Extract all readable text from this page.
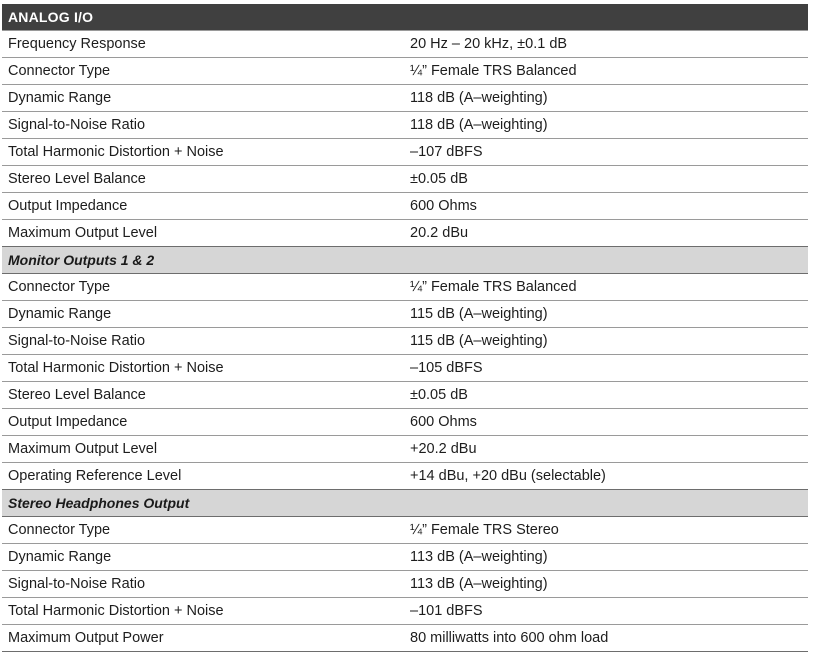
ANALOG I/O	
Frequency Response	20 Hz – 20 kHz, ±0.1 dB
Connector Type	¼” Female TRS Balanced
Dynamic Range	118 dB (A–weighting)
Signal-to-Noise Ratio	118 dB (A–weighting)
Total Harmonic Distortion + Noise	–107 dBFS
Stereo Level Balance	±0.05 dB
Output Impedance	600 Ohms
Maximum Output Level	20.2 dBu
Monitor Outputs 1 & 2	
Connector Type	¼” Female TRS Balanced
Dynamic Range	115 dB (A–weighting)
Signal-to-Noise Ratio	115 dB (A–weighting)
Total Harmonic Distortion + Noise	–105 dBFS
Stereo Level Balance	±0.05 dB
Output Impedance	600 Ohms
Maximum Output Level	+20.2 dBu
Operating Reference Level	+14 dBu, +20 dBu (selectable)
Stereo Headphones Output	
Connector Type	¼” Female TRS Stereo
Dynamic Range	113 dB (A–weighting)
Signal-to-Noise Ratio	113 dB (A–weighting)
Total Harmonic Distortion + Noise	–101 dBFS
Maximum Output Power	80 milliwatts into 600 ohm load
